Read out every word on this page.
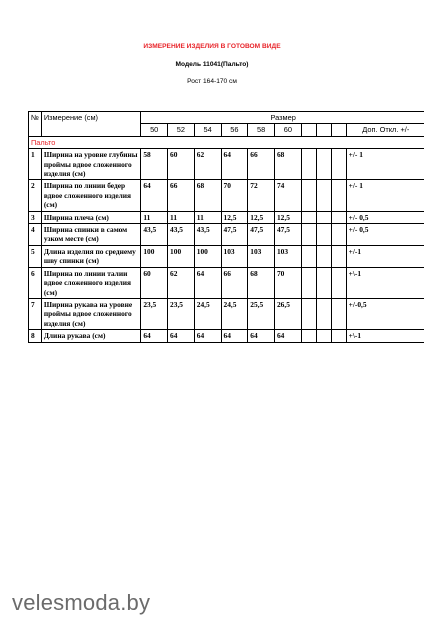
ИЗМЕРЕНИЕ ИЗДЕЛИЯ В ГОТОВОМ ВИДЕ
Модель 11041(Пальто)
Рост 164-170 см
№	Измерение (см)	Размер									
		50	52	54	56	58	60				Доп. Откл. +/-
Пальто											
1	Ширина на уровне глубины проймы вдвое сложенного изделия (см)	58	60	62	64	66	68				+/- 1
2	Ширина по линии бедер вдвое сложенного изделия (см)	64	66	68	70	72	74				+/- 1
3	Ширина плеча (см)	11	11	11	12,5	12,5	12,5				+/- 0,5
4	Ширина спинки в самом узком месте (см)	43,5	43,5	43,5	47,5	47,5	47,5				+/- 0,5
5	Длина изделия по среднему шву спинки (см)	100	100	100	103	103	103				+/-1
6	Ширина по линии талии вдвое сложенного изделия (см)	60	62	64	66	68	70				+\-1
7	Ширина рукава на уровне проймы вдвое сложенного изделия (см)	23,5	23,5	24,5	24,5	25,5	26,5				+/-0,5
8	Длина рукава (см)	64	64	64	64	64	64				+\-1
velesmoda.by
